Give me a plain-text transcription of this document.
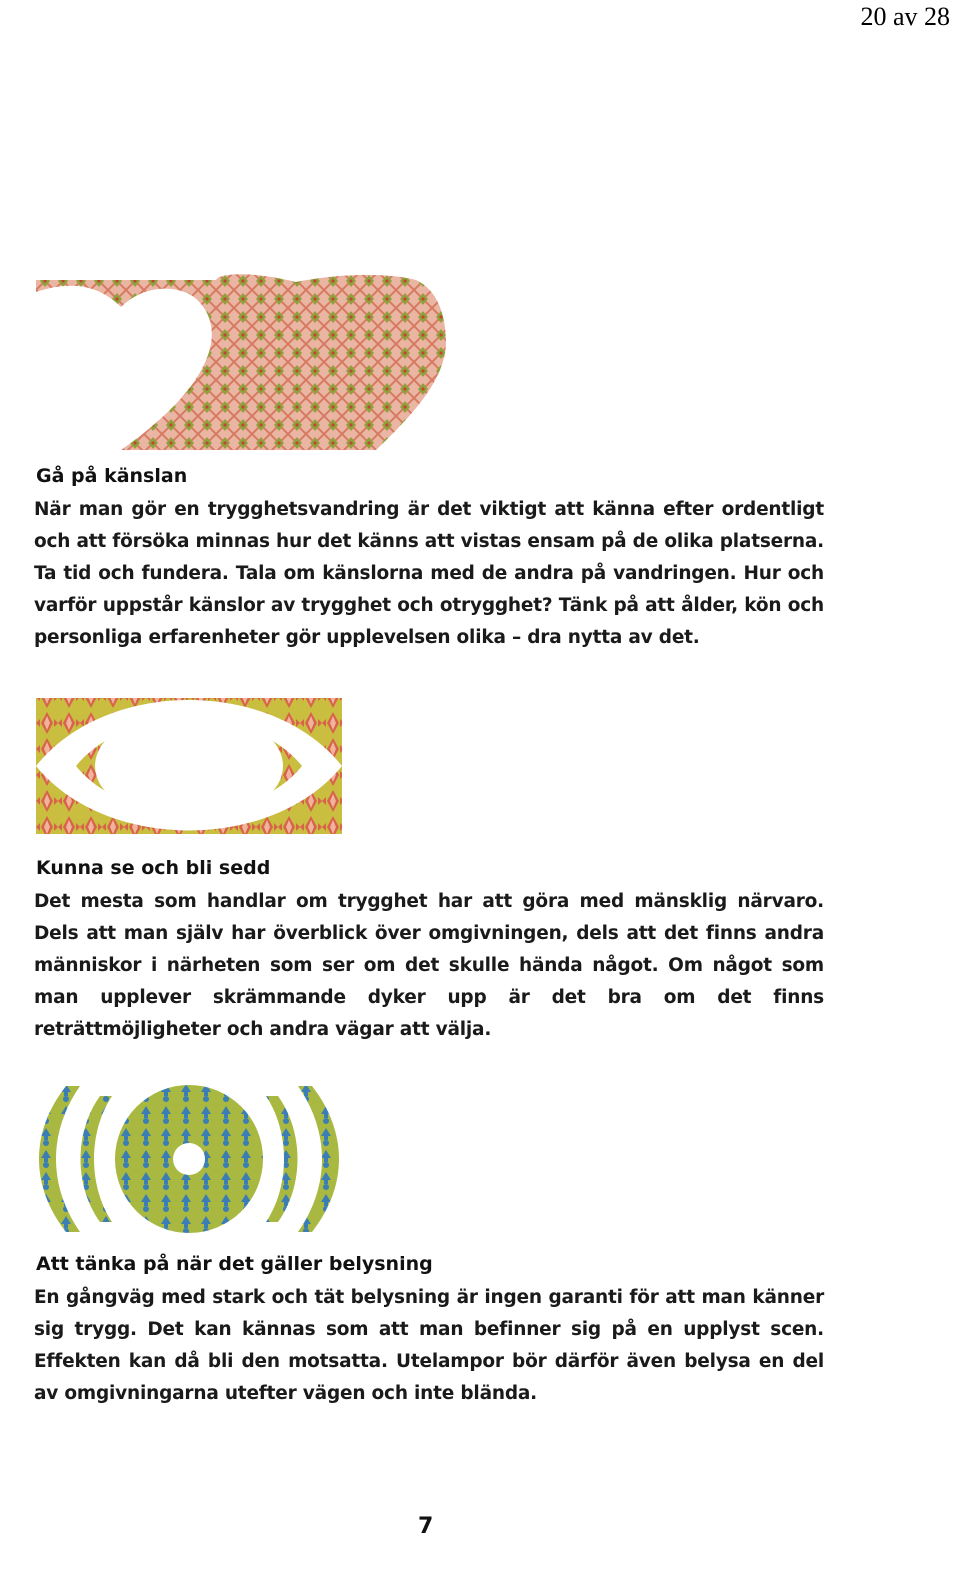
20 av 28
Gå på känslan

När man gör en trygghetsvandring är det viktigt att känna efter ordentligt och att försöka minnas hur det känns att vistas ensam på de olika platserna. Ta tid och fundera. Tala om känslorna med de andra på vandringen. Hur och varför uppstår känslor av trygghet och otrygghet? Tänk på att ålder, kön och personliga erfarenheter gör upplevelsen olika – dra nytta av det.

Kunna se och bli sedd

Det mesta som handlar om trygghet har att göra med mänsklig närvaro. Dels att man själv har överblick över omgivningen, dels att det finns andra människor i närheten som ser om det skulle hända något. Om något som man upplever skrämmande dyker upp är det bra om det finns reträttmöjligheter och andra vägar att välja.

Att tänka på när det gäller belysning

En gångväg med stark och tät belysning är ingen garanti för att man känner sig trygg. Det kan kännas som att man befinner sig på en upplyst scen. Effekten kan då bli den motsatta. Utelampor bör därför även belysa en del av omgivningarna utefter vägen och inte blända.

7
